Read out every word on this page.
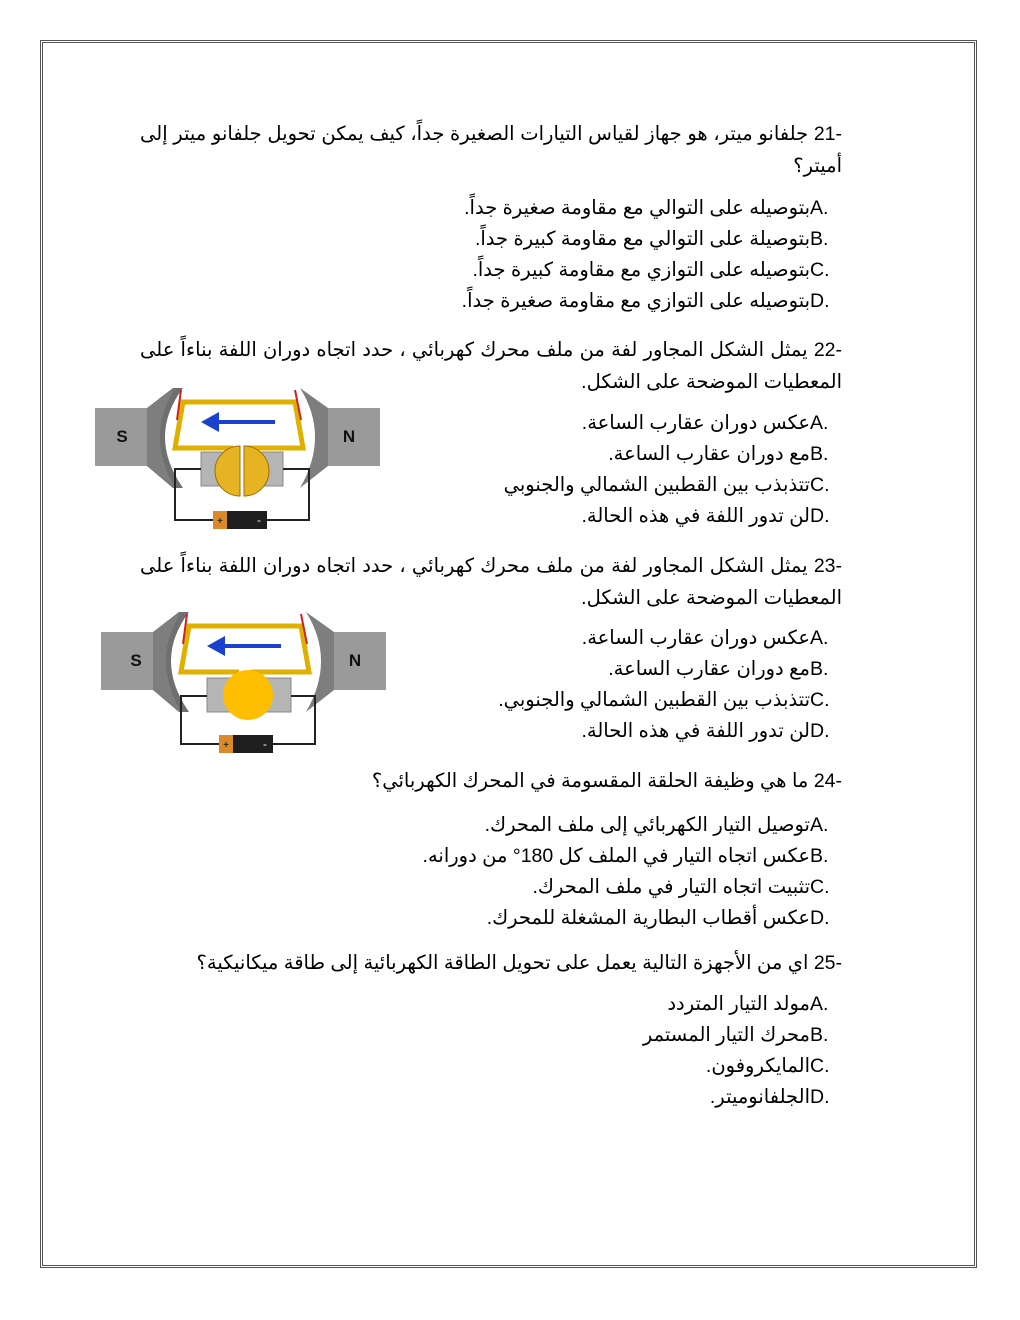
21- جلفانو ميتر، هو جهاز لقياس التيارات الصغيرة جداً، كيف يمكن تحويل جلفانو ميتر إلى أميتر؟
A.بتوصيله على التوالي مع مقاومة صغيرة جداً.
B.بتوصيلة على التوالي مع مقاومة كبيرة جداً.
C.بتوصيله على التوازي مع مقاومة كبيرة جداً.
D.بتوصيله على التوازي مع مقاومة صغيرة جداً.
22- يمثل الشكل المجاور لفة من ملف محرك كهربائي ، حدد اتجاه دوران اللفة بناءاً على المعطيات الموضحة على الشكل.
S	N
+	-
A.عكس دوران عقارب الساعة.
B.مع دوران عقارب الساعة.
C.تتذبذب بين القطبين الشمالي والجنوبي
D.لن تدور اللفة في هذه الحالة.
23- يمثل الشكل المجاور لفة من ملف محرك كهربائي ، حدد اتجاه دوران اللفة بناءاً على المعطيات الموضحة على الشكل.
S	N
+	-
A.عكس دوران عقارب الساعة.
B.مع دوران عقارب الساعة.
C.تتذبذب بين القطبين الشمالي والجنوبي.
D.لن تدور اللفة في هذه الحالة.
24- ما هي وظيفة الحلقة المقسومة في المحرك الكهربائي؟
A.توصيل التيار الكهربائي إلى ملف المحرك.
B.عكس اتجاه التيار في الملف كل 180° من دورانه.
C.تثبيت اتجاه التيار في ملف المحرك.
D.عكس أقطاب البطارية المشغلة للمحرك.
25- اي من الأجهزة التالية يعمل على تحويل الطاقة الكهربائية إلى طاقة ميكانيكية؟
A.مولد التيار المتردد
B.محرك التيار المستمر
C.المايكروفون.
D.الجلفانوميتر.
